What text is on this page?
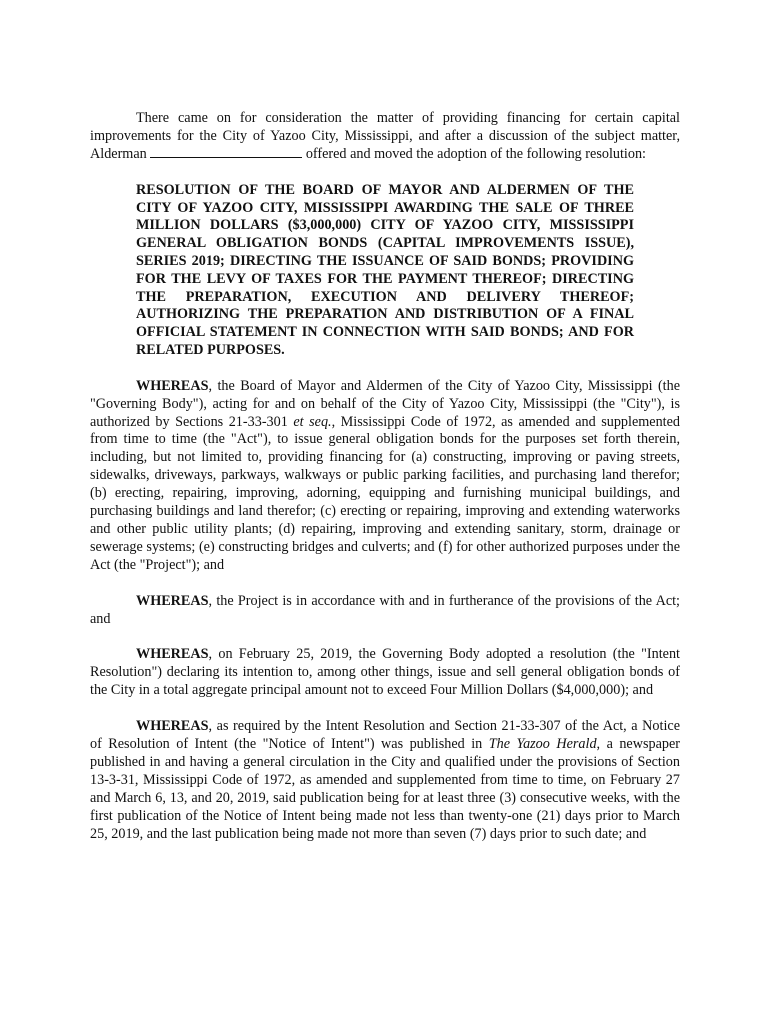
There came on for consideration the matter of providing financing for certain capital improvements for the City of Yazoo City, Mississippi, and after a discussion of the subject matter, Alderman	offered and moved the adoption of the following resolution:

RESOLUTION OF THE BOARD OF MAYOR AND ALDERMEN OF THE CITY OF YAZOO CITY, MISSISSIPPI AWARDING THE SALE OF THREE MILLION DOLLARS ($3,000,000) CITY OF YAZOO CITY, MISSISSIPPI GENERAL OBLIGATION BONDS (CAPITAL IMPROVEMENTS ISSUE), SERIES 2019; DIRECTING THE ISSUANCE OF SAID BONDS; PROVIDING FOR THE LEVY OF TAXES FOR THE PAYMENT THEREOF; DIRECTING THE PREPARATION, EXECUTION AND DELIVERY THEREOF; AUTHORIZING THE PREPARATION AND DISTRIBUTION OF A FINAL OFFICIAL STATEMENT IN CONNECTION WITH SAID BONDS; AND FOR RELATED PURPOSES.

WHEREAS, the Board of Mayor and Aldermen of the City of Yazoo City, Mississippi (the "Governing Body"), acting for and on behalf of the City of Yazoo City, Mississippi (the "City"), is authorized by Sections 21-33-301 et seq., Mississippi Code of 1972, as amended and supplemented from time to time (the "Act"), to issue general obligation bonds for the purposes set forth therein, including, but not limited to, providing financing for (a) constructing, improving or paving streets, sidewalks, driveways, parkways, walkways or public parking facilities, and purchasing land therefor; (b) erecting, repairing, improving, adorning, equipping and furnishing municipal buildings, and purchasing buildings and land therefor; (c) erecting or repairing, improving and extending waterworks and other public utility plants; (d) repairing, improving and extending sanitary, storm, drainage or sewerage systems; (e) constructing bridges and culverts; and (f) for other authorized purposes under the Act (the "Project"); and

WHEREAS, the Project is in accordance with and in furtherance of the provisions of the Act; and

WHEREAS, on February 25, 2019, the Governing Body adopted a resolution (the "Intent Resolution") declaring its intention to, among other things, issue and sell general obligation bonds of the City in a total aggregate principal amount not to exceed Four Million Dollars ($4,000,000); and

WHEREAS, as required by the Intent Resolution and Section 21-33-307 of the Act, a Notice of Resolution of Intent (the "Notice of Intent") was published in The Yazoo Herald, a newspaper published in and having a general circulation in the City and qualified under the provisions of Section 13-3-31, Mississippi Code of 1972, as amended and supplemented from time to time, on February 27 and March 6, 13, and 20, 2019, said publication being for at least three (3) consecutive weeks, with the first publication of the Notice of Intent being made not less than twenty-one (21) days prior to March 25, 2019, and the last publication being made not more than seven (7) days prior to such date; and
